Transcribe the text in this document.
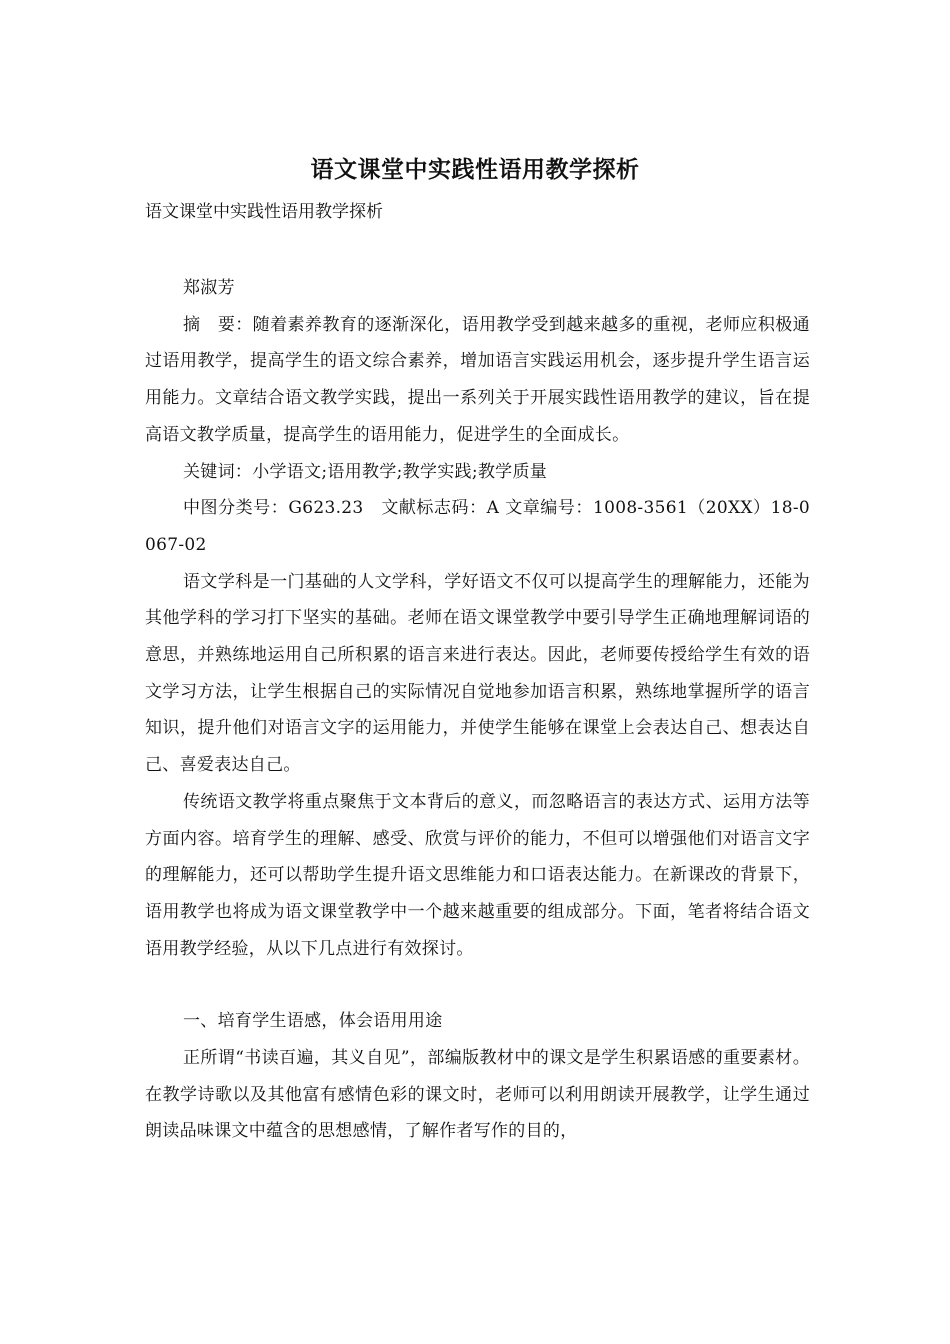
语文课堂中实践性语用教学探析
语文课堂中实践性语用教学探析

郑淑芳

摘　要：随着素养教育的逐渐深化，语用教学受到越来越多的重视，老师应积极通过语用教学，提高学生的语文综合素养，增加语言实践运用机会，逐步提升学生语言运用能力。文章结合语文教学实践，提出一系列关于开展实践性语用教学的建议，旨在提高语文教学质量，提高学生的语用能力，促进学生的全面成长。

关键词：小学语文;语用教学;教学实践;教学质量

中图分类号：G623.23　文献标志码：A 文章编号：1008-3561（20XX）18-0067-02

语文学科是一门基础的人文学科，学好语文不仅可以提高学生的理解能力，还能为其他学科的学习打下坚实的基础。老师在语文课堂教学中要引导学生正确地理解词语的意思，并熟练地运用自己所积累的语言来进行表达。因此，老师要传授给学生有效的语文学习方法，让学生根据自己的实际情况自觉地参加语言积累，熟练地掌握所学的语言知识，提升他们对语言文字的运用能力，并使学生能够在课堂上会表达自己、想表达自己、喜爱表达自己。

传统语文教学将重点聚焦于文本背后的意义，而忽略语言的表达方式、运用方法等方面内容。培育学生的理解、感受、欣赏与评价的能力，不但可以增强他们对语言文字的理解能力，还可以帮助学生提升语文思维能力和口语表达能力。在新课改的背景下，语用教学也将成为语文课堂教学中一个越来越重要的组成部分。下面，笔者将结合语文语用教学经验，从以下几点进行有效探讨。

一、培育学生语感，体会语用用途

正所谓“书读百遍，其义自见”，部编版教材中的课文是学生积累语感的重要素材。在教学诗歌以及其他富有感情色彩的课文时，老师可以利用朗读开展教学，让学生通过朗读品味课文中蕴含的思想感情，了解作者写作的目的，
